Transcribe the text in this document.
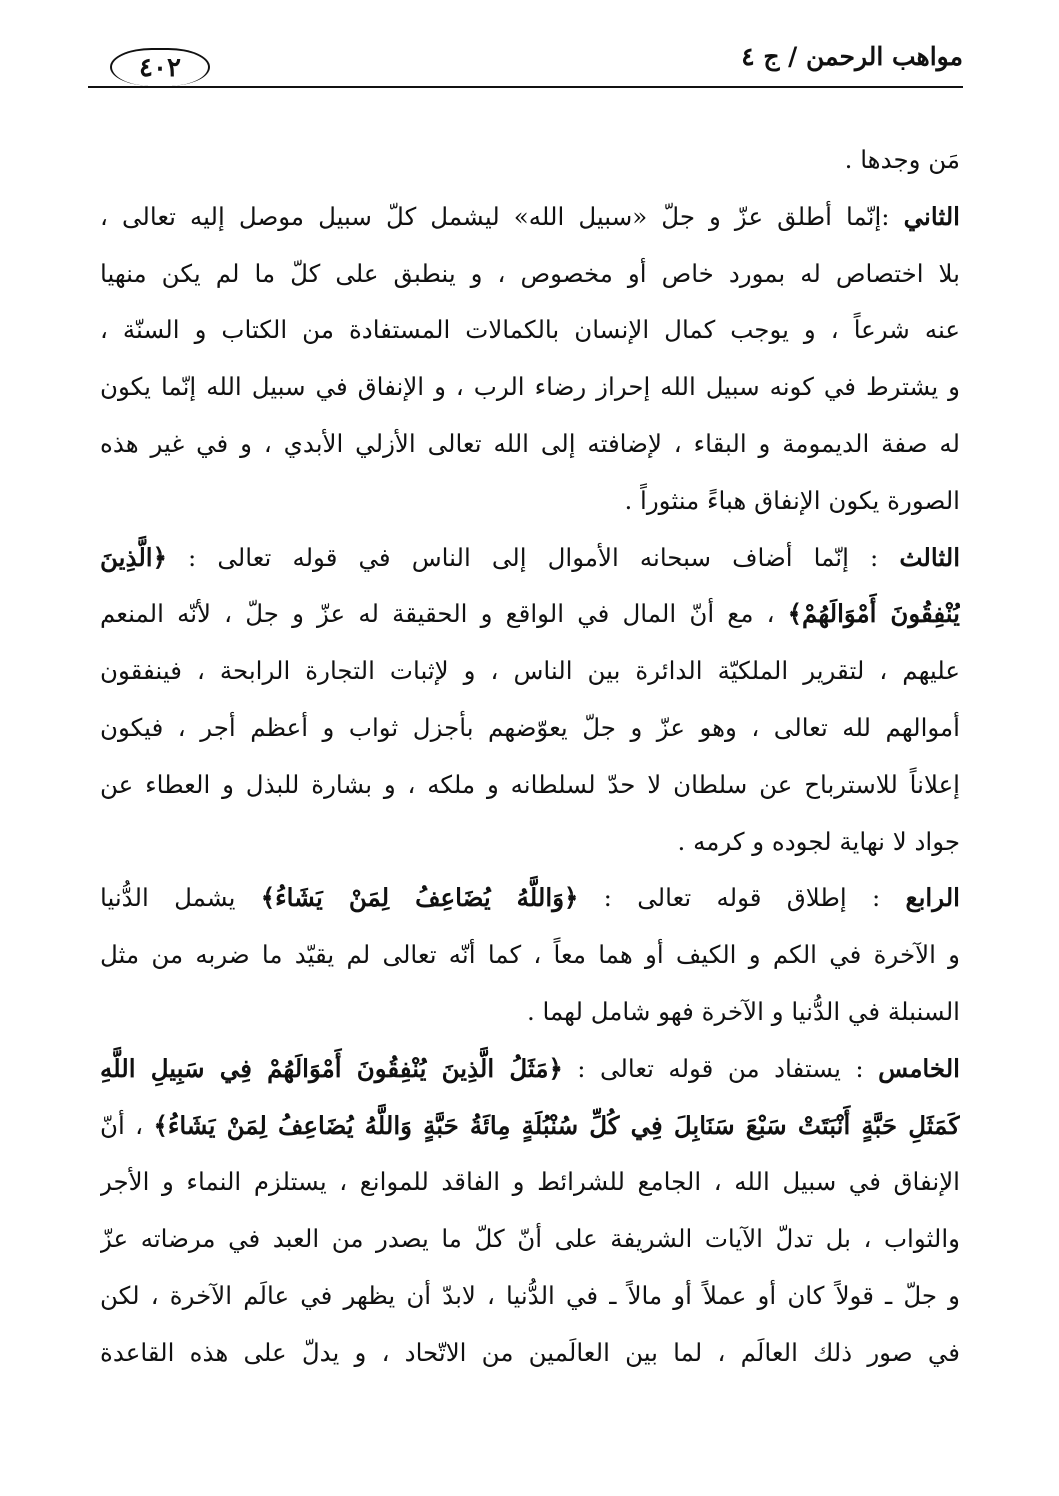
مواهب الرحمن / ج ٤
٤٠٢
مَن وجدها .
الثاني :إنّما أطلق عزّ و جلّ «سبيل الله» ليشمل كلّ سبيل موصل إليه تعالى ،
بلا اختصاص له بمورد خاص أو مخصوص ، و ينطبق على كلّ ما لم يكن منهيا
عنه شرعاً ، و يوجب كمال الإنسان بالكمالات المستفادة من الكتاب و السنّة ،
و يشترط في كونه سبيل الله إحراز رضاء الرب ، و الإنفاق في سبيل الله إنّما يكون
له صفة الديمومة و البقاء ، لإضافته إلى الله تعالى الأزلي الأبدي ، و في غير هذه
الصورة يكون الإنفاق هباءً منثوراً .
الثالث : إنّما أضاف سبحانه الأموال إلى الناس في قوله تعالى : ﴿الَّذِينَ
يُنْفِقُونَ أَمْوَالَهُمْ﴾ ، مع أنّ المال في الواقع و الحقيقة له عزّ و جلّ ، لأنّه المنعم
عليهم ، لتقرير الملكيّة الدائرة بين الناس ، و لإثبات التجارة الرابحة ، فينفقون
أموالهم لله تعالى ، وهو عزّ و جلّ يعوّضهم بأجزل ثواب و أعظم أجر ، فيكون
إعلاناً للاسترباح عن سلطان لا حدّ لسلطانه و ملكه ، و بشارة للبذل و العطاء عن
جواد لا نهاية لجوده و كرمه .
الرابع : إطلاق قوله تعالى : ﴿وَاللَّهُ يُضَاعِفُ لِمَنْ يَشَاءُ﴾ يشمل الدُّنيا
و الآخرة في الكم و الكيف أو هما معاً ، كما أنّه تعالى لم يقيّد ما ضربه من مثل
السنبلة في الدُّنيا و الآخرة فهو شامل لهما .
الخامس : يستفاد من قوله تعالى : ﴿مَثَلُ الَّذِينَ يُنْفِقُونَ أَمْوَالَهُمْ فِي سَبِيلِ اللَّهِ
كَمَثَلِ حَبَّةٍ أَنْبَتَتْ سَبْعَ سَنَابِلَ فِي كُلِّ سُنْبُلَةٍ مِائَةُ حَبَّةٍ وَاللَّهُ يُضَاعِفُ لِمَنْ يَشَاءُ﴾ ، أنّ
الإنفاق في سبيل الله ، الجامع للشرائط و الفاقد للموانع ، يستلزم النماء و الأجر
والثواب ، بل تدلّ الآيات الشريفة على أنّ كلّ ما يصدر من العبد في مرضاته عزّ
و جلّ ـ قولاً كان أو عملاً أو مالاً ـ في الدُّنيا ، لابدّ أن يظهر في عالَم الآخرة ، لكن
في صور ذلك العالَم ، لما بين العالَمين من الاتّحاد ، و يدلّ على هذه القاعدة
